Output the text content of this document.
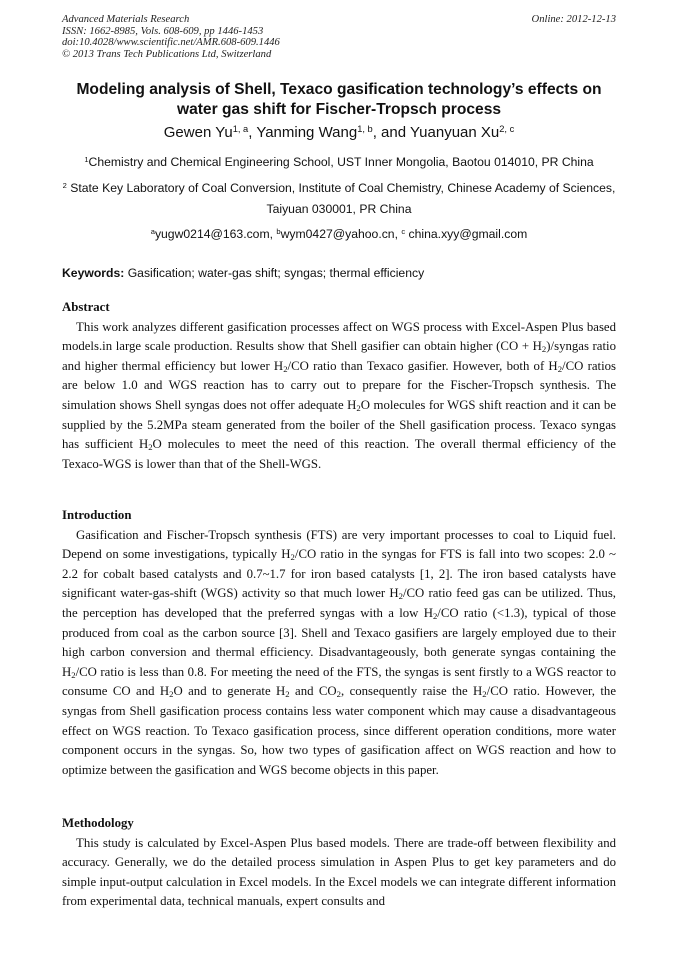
Advanced Materials Research
ISSN: 1662-8985, Vols. 608-609, pp 1446-1453
doi:10.4028/www.scientific.net/AMR.608-609.1446
© 2013 Trans Tech Publications Ltd, Switzerland
Online: 2012-12-13
Modeling analysis of Shell, Texaco gasification technology’s effects on
water gas shift for Fischer-Tropsch process
Gewen Yu$^{1, a}$, Yanming Wang$^{1, b}$, and Yuanyuan Xu$^{2, c}$
$^1$Chemistry and Chemical Engineering School, UST Inner Mongolia, Baotou 014010, PR China
$^2$ State Key Laboratory of Coal Conversion, Institute of Coal Chemistry, Chinese Academy of Sciences, Taiyuan 030001, PR China
$^a$yugw0214@163.com, $^b$wym0427@yahoo.cn, $^c$ china.xyy@gmail.com
Keywords: Gasification; water-gas shift; syngas; thermal efficiency
Abstract

This work analyzes different gasification processes affect on WGS process with Excel-Aspen Plus based models.in large scale production. Results show that Shell gasifier can obtain higher $(CO + H_2)$/syngas ratio and higher thermal efficiency but lower $H_2/CO$ ratio than Texaco gasifier. However, both of $H_2/CO$ ratios are below 1.0 and WGS reaction has to carry out to prepare for the Fischer-Tropsch synthesis. The simulation shows Shell syngas does not offer adequate $H_2O$ molecules for WGS shift reaction and it can be supplied by the 5.2MPa steam generated from the boiler of the Shell gasification process. Texaco syngas has sufficient $H_2O$ molecules to meet the need of this reaction. The overall thermal efficiency of the Texaco-WGS is lower than that of the Shell-WGS.

Introduction

Gasification and Fischer-Tropsch synthesis (FTS) are very important processes to coal to Liquid fuel. Depend on some investigations, typically $H_2/CO$ ratio in the syngas for FTS is fall into two scopes: 2.0 ~ 2.2 for cobalt based catalysts and 0.7~1.7 for iron based catalysts [1, 2]. The iron based catalysts have significant water-gas-shift (WGS) activity so that much lower $H_2/CO$ ratio feed gas can be utilized. Thus, the perception has developed that the preferred syngas with a low $H_2/CO$ ratio (<1.3), typical of those produced from coal as the carbon source [3]. Shell and Texaco gasifiers are largely employed due to their high carbon conversion and thermal efficiency. Disadvantageously, both generate syngas containing the $H_2/CO$ ratio is less than 0.8. For meeting the need of the FTS, the syngas is sent firstly to a WGS reactor to consume CO and $H_2O$ and to generate $H_2$ and $CO_2$, consequently raise the $H_2/CO$ ratio. However, the syngas from Shell gasification process contains less water component which may cause a disadvantageous effect on WGS reaction. To Texaco gasification process, since different operation conditions, more water component occurs in the syngas. So, how two types of gasification affect on WGS reaction and how to optimize between the gasification and WGS become objects in this paper.

Methodology

This study is calculated by Excel-Aspen Plus based models. There are trade-off between flexibility and accuracy. Generally, we do the detailed process simulation in Aspen Plus to get key parameters and do simple input-output calculation in Excel models. In the Excel models we can integrate different information from experimental data, technical manuals, expert consults and
